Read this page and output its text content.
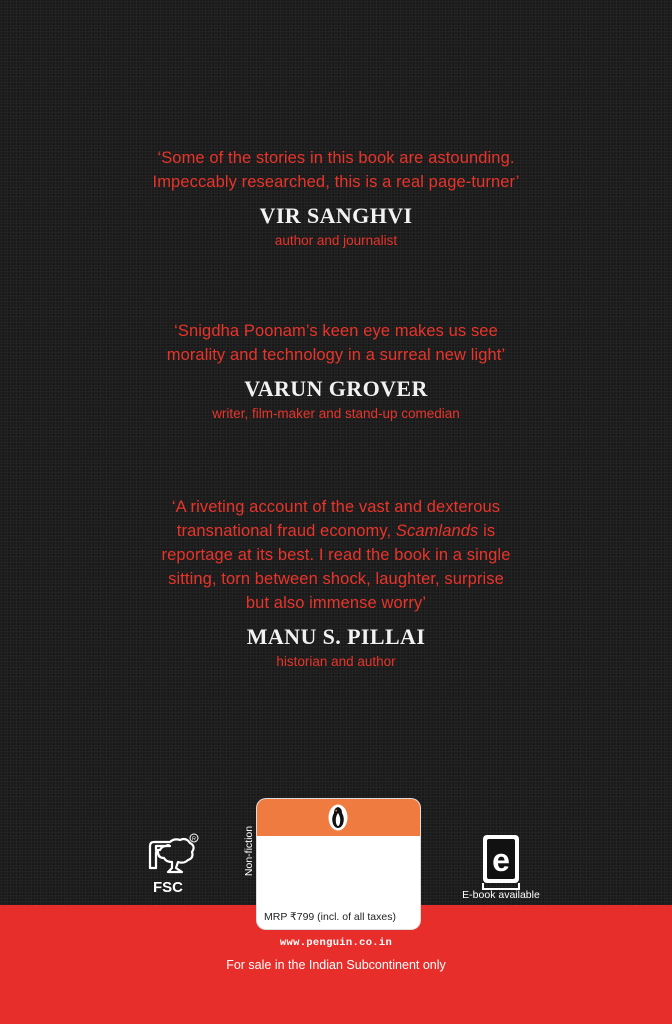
‘Some of the stories in this book are astounding.
Impeccably researched, this is a real page-turner’

VIR SANGHVI
author and journalist

‘Snigdha Poonam’s keen eye makes us see
morality and technology in a surreal new light’

VARUN GROVER
writer, film-maker and stand-up comedian

‘A riveting account of the vast and dexterous
transnational fraud economy, Scamlands is
reportage at its best. I read the book in a single
sitting, torn between shock, laughter, surprise
but also immense worry’

MANU S. PILLAI
historian and author
R
FSC
Non-fiction
MRP ₹799 (incl. of all taxes)
e
E-book available
www.penguin.co.in
For sale in the Indian Subcontinent only
